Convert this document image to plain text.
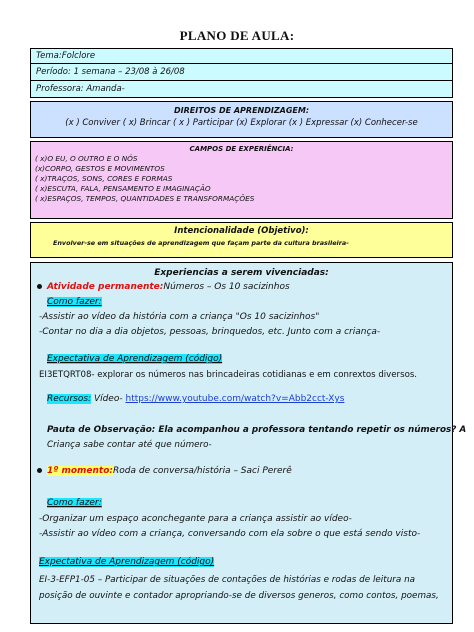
PLANO DE AULA:
Tema:Folclore
Período: 1 semana – 23/08 à 26/08
Professora: Amanda-
DIREITOS DE APRENDIZAGEM:
(x ) Conviver ( x) Brincar ( x ) Participar (x) Explorar (x ) Expressar (x) Conhecer-se
CAMPOS DE EXPERIÊNCIA:
( x)O EU, O OUTRO E O NÓS
(x)CORPO, GESTOS E MOVIMENTOS
( x)TRAÇOS, SONS, CORES E FORMAS
( x)ESCUTA, FALA, PENSAMENTO E IMAGINAÇÃO
( x)ESPAÇOS, TEMPOS, QUANTIDADES E TRANSFORMAÇÕES
Intencionalidade (Objetivo):
Envolver-se em situações de aprendizagem que façam parte da cultura brasileira-
Experiencias a serem vivenciadas:
Atividade permanente:Números – Os 10 sacizinhos
Como fazer:
-Assistir ao vídeo da história com a criança "Os 10 sacizinhos"
-Contar no dia a dia objetos, pessoas, brinquedos, etc. Junto com a criança-
Expectativa de Aprendizagem (código)
EI3ETQRT08- explorar os números nas brincadeiras cotidianas e em conrextos diversos.
Recursos: Vídeo- https://www.youtube.com/watch?v=Abb2cct-Xys
Pauta de Observação: Ela acompanhou a professora tentando repetir os números? A
Criança sabe contar até que número-
1º momento:Roda de conversa/história – Saci Pererê
Como fazer:
-Organizar um espaço aconchegante para a criança assistir ao vídeo-
-Assistir ao vídeo com a criança, conversando com ela sobre o que está sendo visto-
Expectativa de Aprendizagem (código)
EI-3-EFP1-05 – Participar de situações de contações de histórias e rodas de leitura na
posição de ouvinte e contador apropriando-se de diversos generos, como contos, poemas,
